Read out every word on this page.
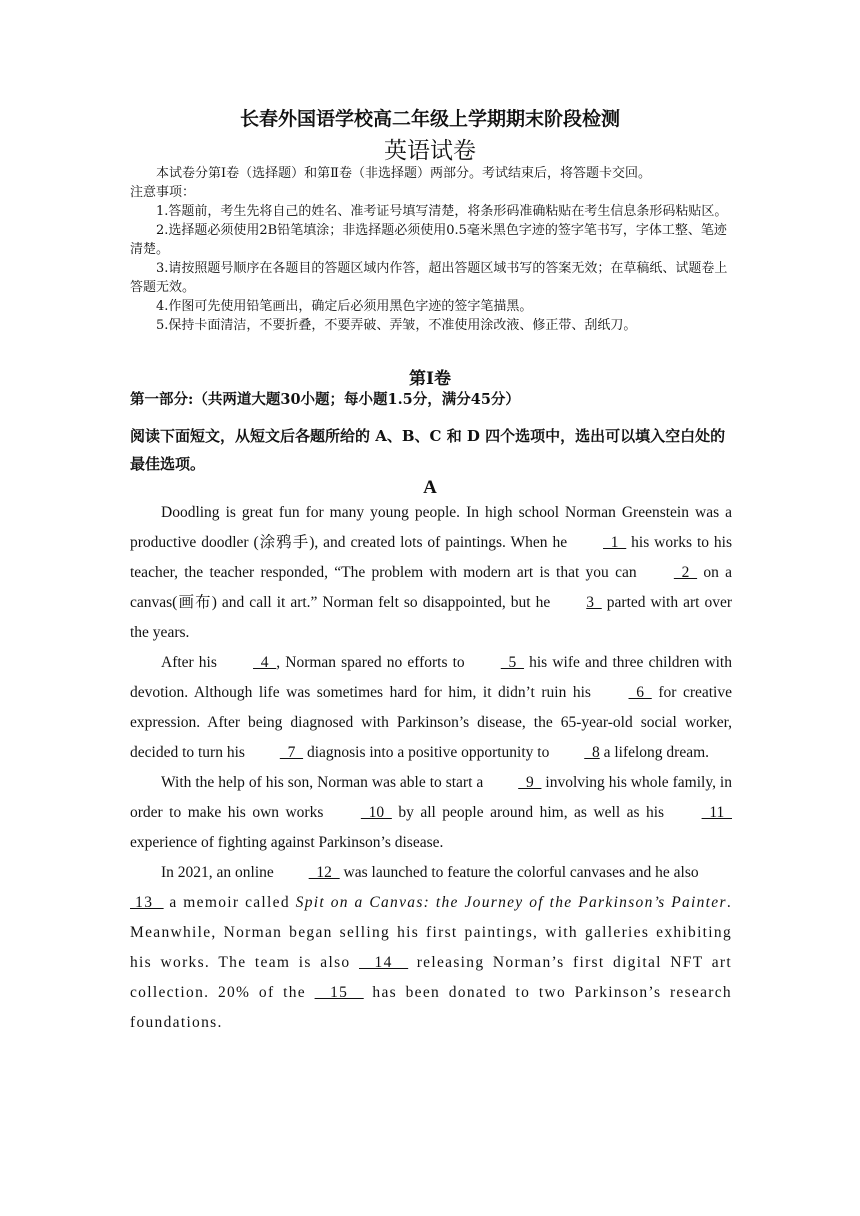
长春外国语学校高二年级上学期期末阶段检测
英语试卷

本试卷分第Ⅰ卷（选择题）和第Ⅱ卷（非选择题）两部分。考试结束后，将答题卡交回。

注意事项：

1.答题前，考生先将自己的姓名、准考证号填写清楚，将条形码准确粘贴在考生信息条形码粘贴区。

2.选择题必须使用2B铅笔填涂；非选择题必须使用0.5毫米黑色字迹的签字笔书写，字体工整、笔迹清楚。

3.请按照题号顺序在各题目的答题区域内作答，超出答题区域书写的答案无效；在草稿纸、试题卷上答题无效。

4.作图可先使用铅笔画出，确定后必须用黑色字迹的签字笔描黑。

5.保持卡面清洁，不要折叠，不要弄破、弄皱，不准使用涂改液、修正带、刮纸刀。

第Ⅰ卷
第一部分:（共两道大题30小题；每小题1.5分，满分45分）
阅读下面短文，从短文后各题所给的 A、B、C 和 D 四个选项中，选出可以填入空白处的最佳选项。
A

Doodling is great fun for many young people. In high school Norman Greenstein was a productive doodler (涂鸦手), and created lots of paintings. When he   1   his works to his teacher, the teacher responded, “The problem with modern art is that you can   2   on a canvas(画布) and call it art.” Norman felt so disappointed, but he 3   parted with art over the years.

After his   4  , Norman spared no efforts to   5   his wife and three children with devotion. Although life was sometimes hard for him, it didn’t ruin his   6   for creative expression. After being diagnosed with Parkinson’s disease, the 65-year-old social worker, decided to turn his   7   diagnosis into a positive opportunity to   8 a lifelong dream.

With the help of his son, Norman was able to start a   9   involving his whole family, in order to make his own works   10   by all people around him, as well as his   11   experience of fighting against Parkinson’s disease.

In 2021, an online   12   was launched to feature the colorful canvases and he also

13   a memoir called Spit on a Canvas: the Journey of the Parkinson’s Painter. Meanwhile, Norman began selling his first paintings, with galleries exhibiting his works. The team is also    14    releasing Norman’s first digital NFT art collection. 20% of the    15    has been donated to two Parkinson’s research foundations.
